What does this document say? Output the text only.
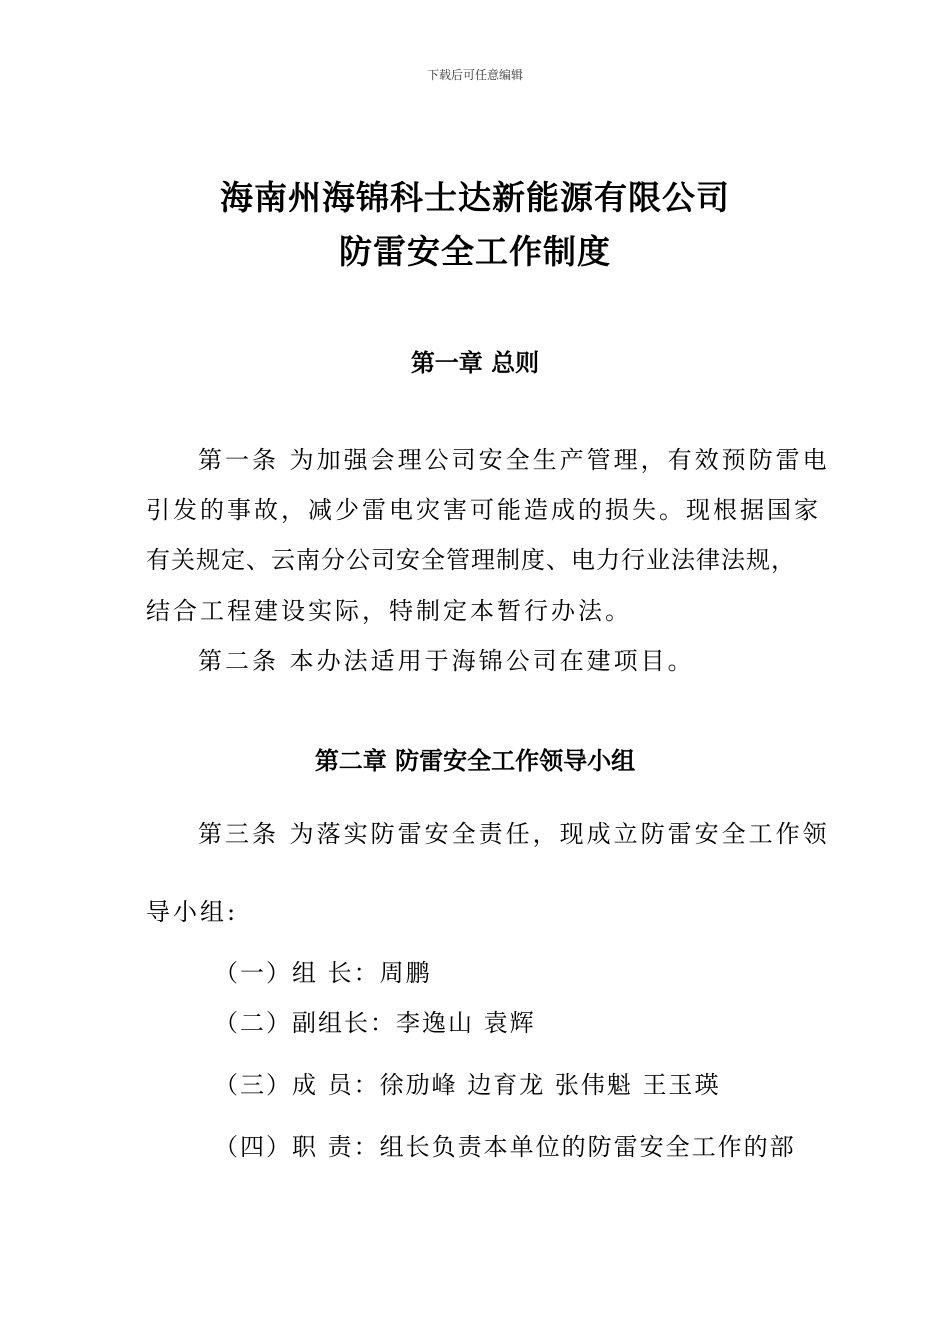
下载后可任意编辑
海南州海锦科士达新能源有限公司
防雷安全工作制度
第一章 总则
第一条 为加强会理公司安全生产管理，有效预防雷电
引发的事故，减少雷电灾害可能造成的损失。现根据国家
有关规定、云南分公司安全管理制度、电力行业法律法规，
结合工程建设实际，特制定本暂行办法。
第二条 本办法适用于海锦公司在建项目。
第二章 防雷安全工作领导小组
第三条 为落实防雷安全责任，现成立防雷安全工作领
导小组:
（一）组 长：周鹏
（二）副组长：李逸山 袁辉
（三）成 员：徐劢峰 边育龙 张伟魁 王玉瑛
（四）职 责：组长负责本单位的防雷安全工作的部
